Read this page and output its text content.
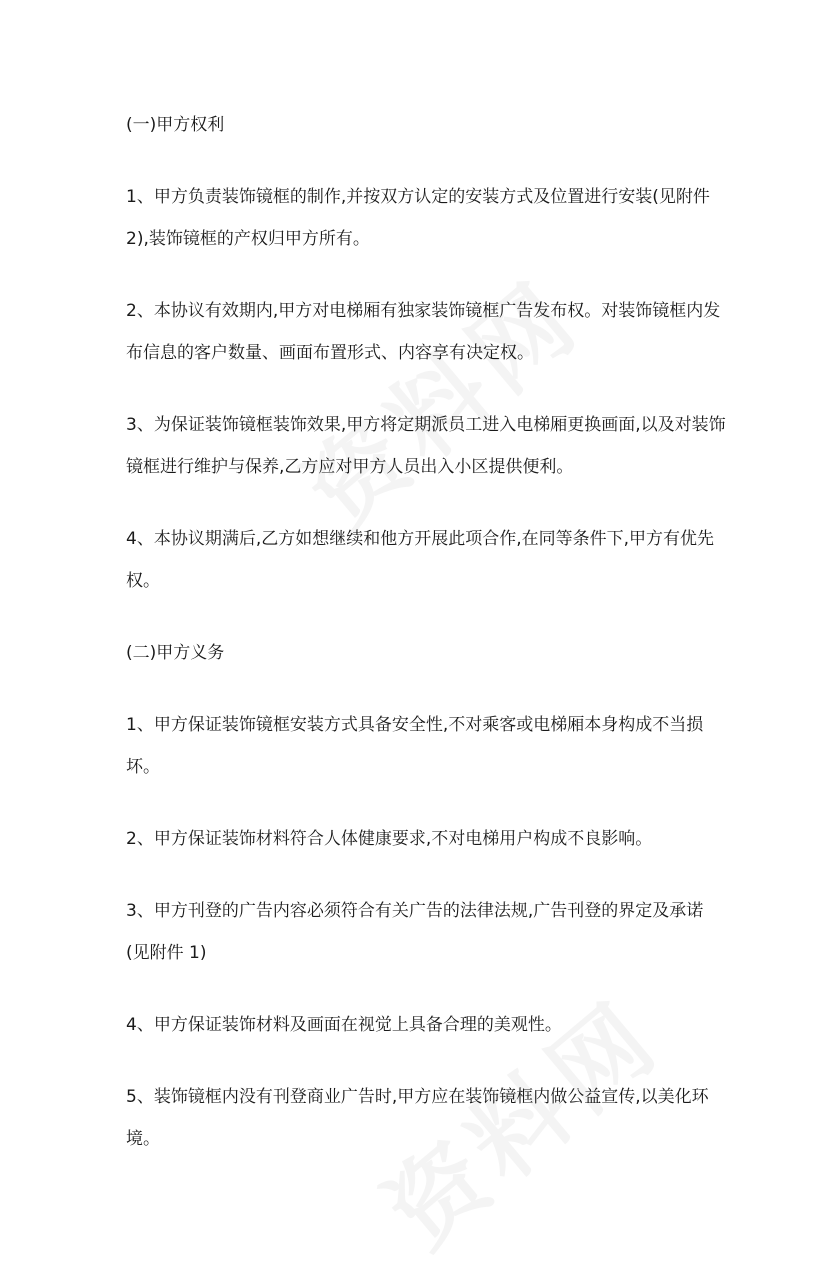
(一)甲方权利

1、甲方负责装饰镜框的制作,并按双方认定的安装方式及位置进行安装(见附件2),装饰镜框的产权归甲方所有。

2、本协议有效期内,甲方对电梯厢有独家装饰镜框广告发布权。对装饰镜框内发布信息的客户数量、画面布置形式、内容享有决定权。

3、为保证装饰镜框装饰效果,甲方将定期派员工进入电梯厢更换画面,以及对装饰镜框进行维护与保养,乙方应对甲方人员出入小区提供便利。

4、本协议期满后,乙方如想继续和他方开展此项合作,在同等条件下,甲方有优先权。

(二)甲方义务

1、甲方保证装饰镜框安装方式具备安全性,不对乘客或电梯厢本身构成不当损坏。

2、甲方保证装饰材料符合人体健康要求,不对电梯用户构成不良影响。

3、甲方刊登的广告内容必须符合有关广告的法律法规,广告刊登的界定及承诺(见附件 1)

4、甲方保证装饰材料及画面在视觉上具备合理的美观性。

5、装饰镜框内没有刊登商业广告时,甲方应在装饰镜框内做公益宣传,以美化环境。
